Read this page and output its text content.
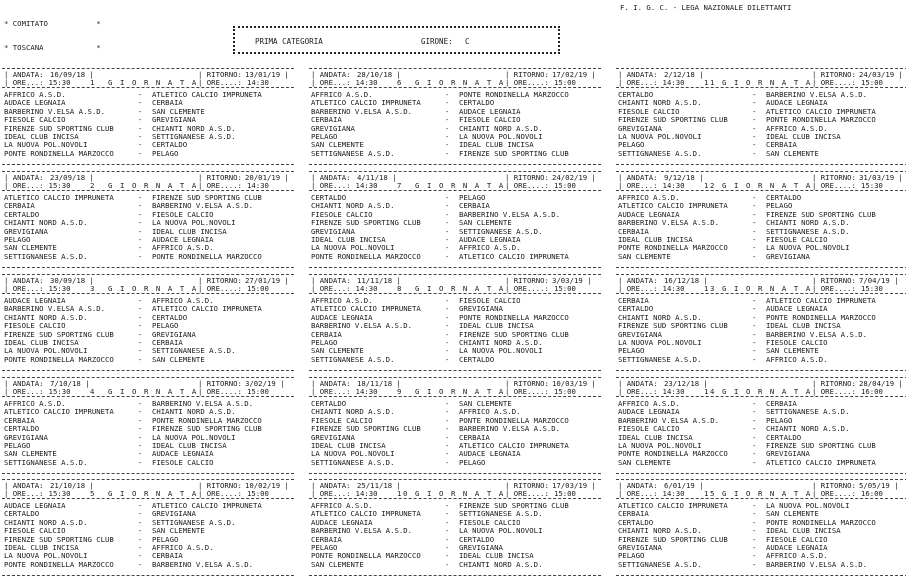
* COMITATO           *

* TOSCANA            *

F. I. G. C. - LEGA NAZIONALE DILETTANTI
PRIMA CATEGORIA	GIRONE: C
| ANDATA: 16/09/18 |	| RITORNO: 13/01/19 |
1  G I O R N A T A
| ORE...: 15:30	| ORE....: 14:30
AFFRICO A.S.D.	- ATLETICO CALCIO IMPRUNETA
AUDACE LEGNAIA	- CERBAIA
BARBERINO V.ELSA A.S.D.	- SAN CLEMENTE
FIESOLE CALCIO	- GREVIGIANA
FIRENZE SUD SPORTING CLUB	- CHIANTI NORD A.S.D.
IDEAL CLUB INCISA	- SETTIGNANESE A.S.D.
LA NUOVA POL.NOVOLI	- CERTALDO
PONTE RONDINELLA MARZOCCO	- PELAGO
| ANDATA: 23/09/18 |	| RITORNO: 20/01/19 |
2  G I O R N A T A
| ORE...: 15:30	| ORE....: 14:30
ATLETICO CALCIO IMPRUNETA	- FIRENZE SUD SPORTING CLUB
CERBAIA	- BARBERINO V.ELSA A.S.D.
CERTALDO	- FIESOLE CALCIO
CHIANTI NORD A.S.D.	- LA NUOVA POL.NOVOLI
GREVIGIANA	- IDEAL CLUB INCISA
PELAGO	- AUDACE LEGNAIA
SAN CLEMENTE	- AFFRICO A.S.D.
SETTIGNANESE A.S.D.	- PONTE RONDINELLA MARZOCCO
| ANDATA: 30/09/18 |	| RITORNO: 27/01/19 |
3  G I O R N A T A
| ORE...: 15:30	| ORE....: 15:00
AUDACE LEGNAIA	- AFFRICO A.S.D.
BARBERINO V.ELSA A.S.D.	- ATLETICO CALCIO IMPRUNETA
CHIANTI NORD A.S.D.	- CERTALDO
FIESOLE CALCIO	- PELAGO
FIRENZE SUD SPORTING CLUB	- GREVIGIANA
IDEAL CLUB INCISA	- CERBAIA
LA NUOVA POL.NOVOLI	- SETTIGNANESE A.S.D.
PONTE RONDINELLA MARZOCCO	- SAN CLEMENTE
| ANDATA: 7/10/18 |	| RITORNO: 3/02/19 |
4  G I O R N A T A
| ORE...: 15:30	| ORE....: 15:00
AFFRICO A.S.D.	- BARBERINO V.ELSA A.S.D.
ATLETICO CALCIO IMPRUNETA	- CHIANTI NORD A.S.D.
CERBAIA	- PONTE RONDINELLA MARZOCCO
CERTALDO	- FIRENZE SUD SPORTING CLUB
GREVIGIANA	- LA NUOVA POL.NOVOLI
PELAGO	- IDEAL CLUB INCISA
SAN CLEMENTE	- AUDACE LEGNAIA
SETTIGNANESE A.S.D.	- FIESOLE CALCIO
| ANDATA: 21/10/18 |	| RITORNO: 10/02/19 |
5  G I O R N A T A
| ORE...: 15:30	| ORE....: 15:00
AUDACE LEGNAIA	- ATLETICO CALCIO IMPRUNETA
CERTALDO	- GREVIGIANA
CHIANTI NORD A.S.D.	- SETTIGNANESE A.S.D.
FIESOLE CALCIO	- SAN CLEMENTE
FIRENZE SUD SPORTING CLUB	- PELAGO
IDEAL CLUB INCISA	- AFFRICO A.S.D.
LA NUOVA POL.NOVOLI	- CERBAIA
PONTE RONDINELLA MARZOCCO	- BARBERINO V.ELSA A.S.D.
| ANDATA: 28/10/18 |	| RITORNO: 17/02/19 |
6  G I O R N A T A
| ORE...: 14:30	| ORE....: 15:00
AFFRICO A.S.D.	- PONTE RONDINELLA MARZOCCO
ATLETICO CALCIO IMPRUNETA	- CERTALDO
BARBERINO V.ELSA A.S.D.	- AUDACE LEGNAIA
CERBAIA	- FIESOLE CALCIO
GREVIGIANA	- CHIANTI NORD A.S.D.
PELAGO	- LA NUOVA POL.NOVOLI
SAN CLEMENTE	- IDEAL CLUB INCISA
SETTIGNANESE A.S.D.	- FIRENZE SUD SPORTING CLUB
| ANDATA: 4/11/18 |	| RITORNO: 24/02/19 |
7  G I O R N A T A
| ORE...: 14:30	| ORE....: 15:00
CERTALDO	- PELAGO
CHIANTI NORD A.S.D.	- CERBAIA
FIESOLE CALCIO	- BARBERINO V.ELSA A.S.D.
FIRENZE SUD SPORTING CLUB	- SAN CLEMENTE
GREVIGIANA	- SETTIGNANESE A.S.D.
IDEAL CLUB INCISA	- AUDACE LEGNAIA
LA NUOVA POL.NOVOLI	- AFFRICO A.S.D.
PONTE RONDINELLA MARZOCCO	- ATLETICO CALCIO IMPRUNETA
| ANDATA: 11/11/18 |	| RITORNO: 3/03/19 |
8  G I O R N A T A
| ORE...: 14:30	| ORE....: 15:00
AFFRICO A.S.D.	- FIESOLE CALCIO
ATLETICO CALCIO IMPRUNETA	- GREVIGIANA
AUDACE LEGNAIA	- PONTE RONDINELLA MARZOCCO
BARBERINO V.ELSA A.S.D.	- IDEAL CLUB INCISA
CERBAIA	- FIRENZE SUD SPORTING CLUB
PELAGO	- CHIANTI NORD A.S.D.
SAN CLEMENTE	- LA NUOVA POL.NOVOLI
SETTIGNANESE A.S.D.	- CERTALDO
| ANDATA: 18/11/18 |	| RITORNO: 10/03/19 |
9  G I O R N A T A
| ORE...: 14:30	| ORE....: 15:00
CERTALDO	- SAN CLEMENTE
CHIANTI NORD A.S.D.	- AFFRICO A.S.D.
FIESOLE CALCIO	- PONTE RONDINELLA MARZOCCO
FIRENZE SUD SPORTING CLUB	- BARBERINO V.ELSA A.S.D.
GREVIGIANA	- CERBAIA
IDEAL CLUB INCISA	- ATLETICO CALCIO IMPRUNETA
LA NUOVA POL.NOVOLI	- AUDACE LEGNAIA
SETTIGNANESE A.S.D.	- PELAGO
| ANDATA: 25/11/18 |	| RITORNO: 17/03/19 |
10 G I O R N A T A
| ORE...: 14:30	| ORE....: 15:00
AFFRICO A.S.D.	- FIRENZE SUD SPORTING CLUB
ATLETICO CALCIO IMPRUNETA	- SETTIGNANESE A.S.D.
AUDACE LEGNAIA	- FIESOLE CALCIO
BARBERINO V.ELSA A.S.D.	- LA NUOVA POL.NOVOLI
CERBAIA	- CERTALDO
PELAGO	- GREVIGIANA
PONTE RONDINELLA MARZOCCO	- IDEAL CLUB INCISA
SAN CLEMENTE	- CHIANTI NORD A.S.D.
| ANDATA: 2/12/18 |	| RITORNO: 24/03/19 |
11 G I O R N A T A
| ORE...: 14:30	| ORE....: 15:00
CERTALDO	- BARBERINO V.ELSA A.S.D.
CHIANTI NORD A.S.D.	- AUDACE LEGNAIA
FIESOLE CALCIO	- ATLETICO CALCIO IMPRUNETA
FIRENZE SUD SPORTING CLUB	- PONTE RONDINELLA MARZOCCO
GREVIGIANA	- AFFRICO A.S.D.
LA NUOVA POL.NOVOLI	- IDEAL CLUB INCISA
PELAGO	- CERBAIA
SETTIGNANESE A.S.D.	- SAN CLEMENTE
| ANDATA: 9/12/18 |	| RITORNO: 31/03/19 |
12 G I O R N A T A
| ORE...: 14:30	| ORE....: 15:30
AFFRICO A.S.D.	- CERTALDO
ATLETICO CALCIO IMPRUNETA	- PELAGO
AUDACE LEGNAIA	- FIRENZE SUD SPORTING CLUB
BARBERINO V.ELSA A.S.D.	- CHIANTI NORD A.S.D.
CERBAIA	- SETTIGNANESE A.S.D.
IDEAL CLUB INCISA	- FIESOLE CALCIO
PONTE RONDINELLA MARZOCCO	- LA NUOVA POL.NOVOLI
SAN CLEMENTE	- GREVIGIANA
| ANDATA: 16/12/18 |	| RITORNO: 7/04/19 |
13 G I O R N A T A
| ORE...: 14:30	| ORE....: 15:30
CERBAIA	- ATLETICO CALCIO IMPRUNETA
CERTALDO	- AUDACE LEGNAIA
CHIANTI NORD A.S.D.	- PONTE RONDINELLA MARZOCCO
FIRENZE SUD SPORTING CLUB	- IDEAL CLUB INCISA
GREVIGIANA	- BARBERINO V.ELSA A.S.D.
LA NUOVA POL.NOVOLI	- FIESOLE CALCIO
PELAGO	- SAN CLEMENTE
SETTIGNANESE A.S.D.	- AFFRICO A.S.D.
| ANDATA: 23/12/18 |	| RITORNO: 28/04/19 |
14 G I O R N A T A
| ORE...: 14:30	| ORE....: 16:00
AFFRICO A.S.D.	- CERBAIA
AUDACE LEGNAIA	- SETTIGNANESE A.S.D.
BARBERINO V.ELSA A.S.D.	- PELAGO
FIESOLE CALCIO	- CHIANTI NORD A.S.D.
IDEAL CLUB INCISA	- CERTALDO
LA NUOVA POL.NOVOLI	- FIRENZE SUD SPORTING CLUB
PONTE RONDINELLA MARZOCCO	- GREVIGIANA
SAN CLEMENTE	- ATLETICO CALCIO IMPRUNETA
| ANDATA: 6/01/19 |	| RITORNO: 5/05/19 |
15 G I O R N A T A
| ORE...: 14:30	| ORE....: 16:00
ATLETICO CALCIO IMPRUNETA	- LA NUOVA POL.NOVOLI
CERBAIA	- SAN CLEMENTE
CERTALDO	- PONTE RONDINELLA MARZOCCO
CHIANTI NORD A.S.D.	- IDEAL CLUB INCISA
FIRENZE SUD SPORTING CLUB	- FIESOLE CALCIO
GREVIGIANA	- AUDACE LEGNAIA
PELAGO	- AFFRICO A.S.D.
SETTIGNANESE A.S.D.	- BARBERINO V.ELSA A.S.D.
